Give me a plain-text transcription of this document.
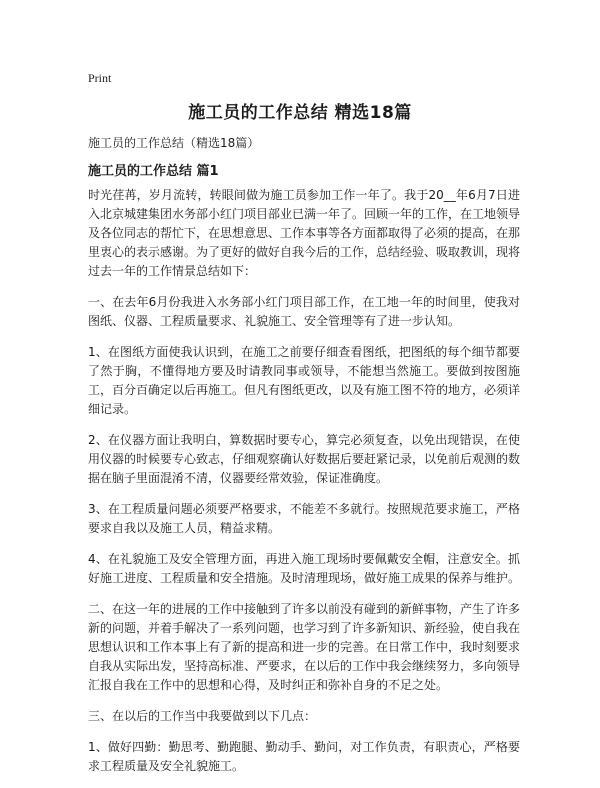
Print
施工员的工作总结 精选18篇

施工员的工作总结（精选18篇）

施工员的工作总结 篇1

时光荏苒，岁月流转，转眼间做为施工员参加工作一年了。我于20__年6月7日进入北京城建集团水务部小红门项目部业已满一年了。回顾一年的工作，在工地领导及各位同志的帮忙下，在思想意思、工作本事等各方面都取得了必须的提高，在那里衷心的表示感谢。为了更好的做好自我今后的工作，总结经验、吸取教训，现将过去一年的工作情景总结如下：

一、在去年6月份我进入水务部小红门项目部工作，在工地一年的时间里，使我对图纸、仪器、工程质量要求、礼貌施工、安全管理等有了进一步认知。

1、在图纸方面使我认识到，在施工之前要仔细查看图纸，把图纸的每个细节都要了然于胸，不懂得地方要及时请教同事或领导，不能想当然施工。要做到按图施工，百分百确定以后再施工。但凡有图纸更改，以及有施工图不符的地方，必须详细记录。

2、在仪器方面让我明白，算数据时要专心，算完必须复查，以免出现错误，在使用仪器的时候要专心致志，仔细观察确认好数据后要赶紧记录，以免前后观测的数据在脑子里面混淆不清，仪器要经常效验，保证准确度。

3、在工程质量问题必须要严格要求，不能差不多就行。按照规范要求施工，严格要求自我以及施工人员，精益求精。

4、在礼貌施工及安全管理方面，再进入施工现场时要佩戴安全帽，注意安全。抓好施工进度、工程质量和安全措施。及时清理现场，做好施工成果的保养与维护。

二、在这一年的进展的工作中接触到了许多以前没有碰到的新鲜事物，产生了许多新的问题，并着手解决了一系列问题，也学习到了许多新知识、新经验，使自我在思想认识和工作本事上有了新的提高和进一步的完善。在日常工作中，我时刻要求自我从实际出发，坚持高标准、严要求，在以后的工作中我会继续努力，多向领导汇报自我在工作中的思想和心得，及时纠正和弥补自身的不足之处。

三、在以后的工作当中我要做到以下几点：

1、做好四勤：勤思考、勤跑腿、勤动手、勤问，对工作负责，有职责心，严格要求工程质量及安全礼貌施工。
